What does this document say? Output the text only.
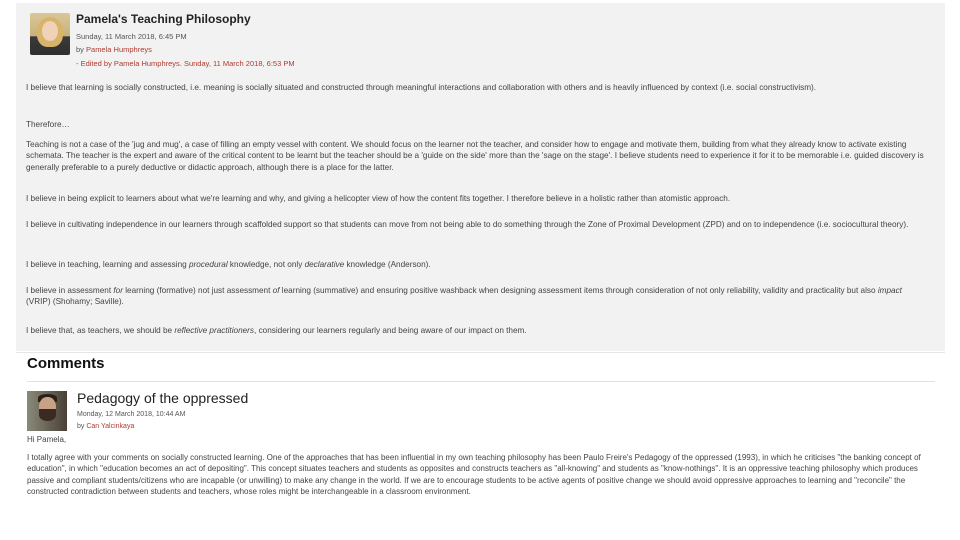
Pamela's Teaching Philosophy
Sunday, 11 March 2018, 6:45 PM
by Pamela Humphreys
- Edited by Pamela Humphreys. Sunday, 11 March 2018, 6:53 PM
I believe that learning is socially constructed, i.e. meaning is socially situated and constructed through meaningful interactions and collaboration with others and is heavily influenced by context (i.e. social constructivism).
Therefore…
Teaching is not a case of the 'jug and mug', a case of filling an empty vessel with content. We should focus on the learner not the teacher, and consider how to engage and motivate them, building from what they already know to activate existing schemata. The teacher is the expert and aware of the critical content to be learnt but the teacher should be a 'guide on the side' more than the 'sage on the stage'. I believe students need to experience it for it to be memorable i.e. guided discovery is generally preferable to a purely deductive or didactic approach, although there is a place for the latter.
I believe in being explicit to learners about what we're learning and why, and giving a helicopter view of how the content fits together. I therefore believe in a holistic rather than atomistic approach.
I believe in cultivating independence in our learners through scaffolded support so that students can move from not being able to do something through the Zone of Proximal Development (ZPD) and on to independence (i.e. sociocultural theory).
I believe in teaching, learning and assessing procedural knowledge, not only declarative knowledge (Anderson).
I believe in assessment for learning (formative) not just assessment of learning (summative) and ensuring positive washback when designing assessment items through consideration of not only reliability, validity and practicality but also impact (VRIP) (Shohamy; Saville).
I believe that, as teachers, we should be reflective practitioners, considering our learners regularly and being aware of our impact on them.
Comments
Pedagogy of the oppressed
Monday, 12 March 2018, 10:44 AM
by Can Yalcinkaya
Hi Pamela,
I totally agree with your comments on socially constructed learning. One of the approaches that has been influential in my own teaching philosophy has been Paulo Freire's Pedagogy of the oppressed (1993), in which he criticises "the banking concept of education", in which "education becomes an act of depositing". This concept situates teachers and students as opposites and constructs teachers as "all-knowing" and students as "know-nothings". It is an oppressive teaching philosophy which produces passive and compliant students/citizens who are incapable (or unwilling) to make any change in the world. If we are to encourage students to be active agents of positive change we should avoid oppressive approaches to learning and "reconcile" the constructed contradiction between students and teachers, whose roles might be interchangeable in a classroom environment.
